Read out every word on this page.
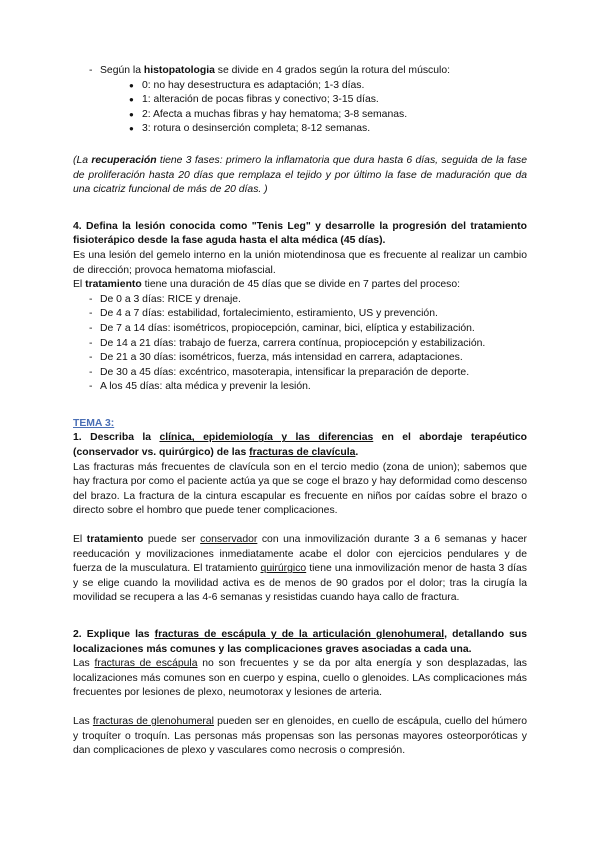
- Según la histopatologia se divide en 4 grados según la rotura del músculo:

● 0: no hay desestructura es adaptación; 1-3 días.
● 1: alteración de pocas fibras y conectivo; 3-15 días.
● 2: Afecta a muchas fibras y hay hematoma; 3-8 semanas.
● 3: rotura o desinserción completa; 8-12 semanas.

(La recuperación tiene 3 fases: primero la inflamatoria que dura hasta 6 días, seguida de la fase de proliferación hasta 20 días que remplaza el tejido y por último la fase de maduración que da una cicatriz funcional de más de 20 días. )

4. Defina la lesión conocida como "Tenis Leg" y desarrolle la progresión del tratamiento fisioterápico desde la fase aguda hasta el alta médica (45 días).

Es una lesión del gemelo interno en la unión miotendinosa que es frecuente al realizar un cambio de dirección; provoca hematoma miofascial.

El tratamiento tiene una duración de 45 días que se divide en 7 partes del proceso:

- De 0 a 3 días: RICE y drenaje.
- De 4 a 7 días: estabilidad, fortalecimiento, estiramiento, US y prevención.
- De 7 a 14 días: isométricos, propiocepción, caminar, bici, elíptica y estabilización.
- De 14 a 21 días: trabajo de fuerza, carrera contínua, propiocepción y estabilización.
- De 21 a 30 días: isométricos, fuerza, más intensidad en carrera, adaptaciones.
- De 30 a 45 días: excéntrico, masoterapia, intensificar la preparación de deporte.
- A los 45 días: alta médica y prevenir la lesión.

TEMA 3:

1. Describa la clínica, epidemiología y las diferencias en el abordaje terapéutico (conservador vs. quirúrgico) de las fracturas de clavícula.

Las fracturas más frecuentes de clavícula son en el tercio medio (zona de union); sabemos que hay fractura por como el paciente actúa ya que se coge el brazo y hay deformidad como descenso del brazo. La fractura de la cintura escapular es frecuente en niños por caídas sobre el brazo o directo sobre el hombro que puede tener complicaciones.

El tratamiento puede ser conservador con una inmovilización durante 3 a 6 semanas y hacer reeducación y movilizaciones inmediatamente acabe el dolor con ejercicios pendulares y de fuerza de la musculatura. El tratamiento quirúrgico tiene una inmovilización menor de hasta 3 días y se elige cuando la movilidad activa es de menos de 90 grados por el dolor; tras la cirugía la movilidad se recupera a las 4-6 semanas y resistidas cuando haya callo de fractura.

2. Explique las fracturas de escápula y de la articulación glenohumeral, detallando sus localizaciones más comunes y las complicaciones graves asociadas a cada una.

Las fracturas de escápula no son frecuentes y se da por alta energía y son desplazadas, las localizaciones más comunes son en cuerpo y espina, cuello o glenoides. LAs complicaciones más frecuentes por lesiones de plexo, neumotorax y lesiones de arteria.

Las fracturas de glenohumeral pueden ser en glenoides, en cuello de escápula, cuello del húmero y troquíter o troquín. Las personas más propensas son las personas mayores osteorporóticas y dan complicaciones de plexo y vasculares como necrosis o compresión.
